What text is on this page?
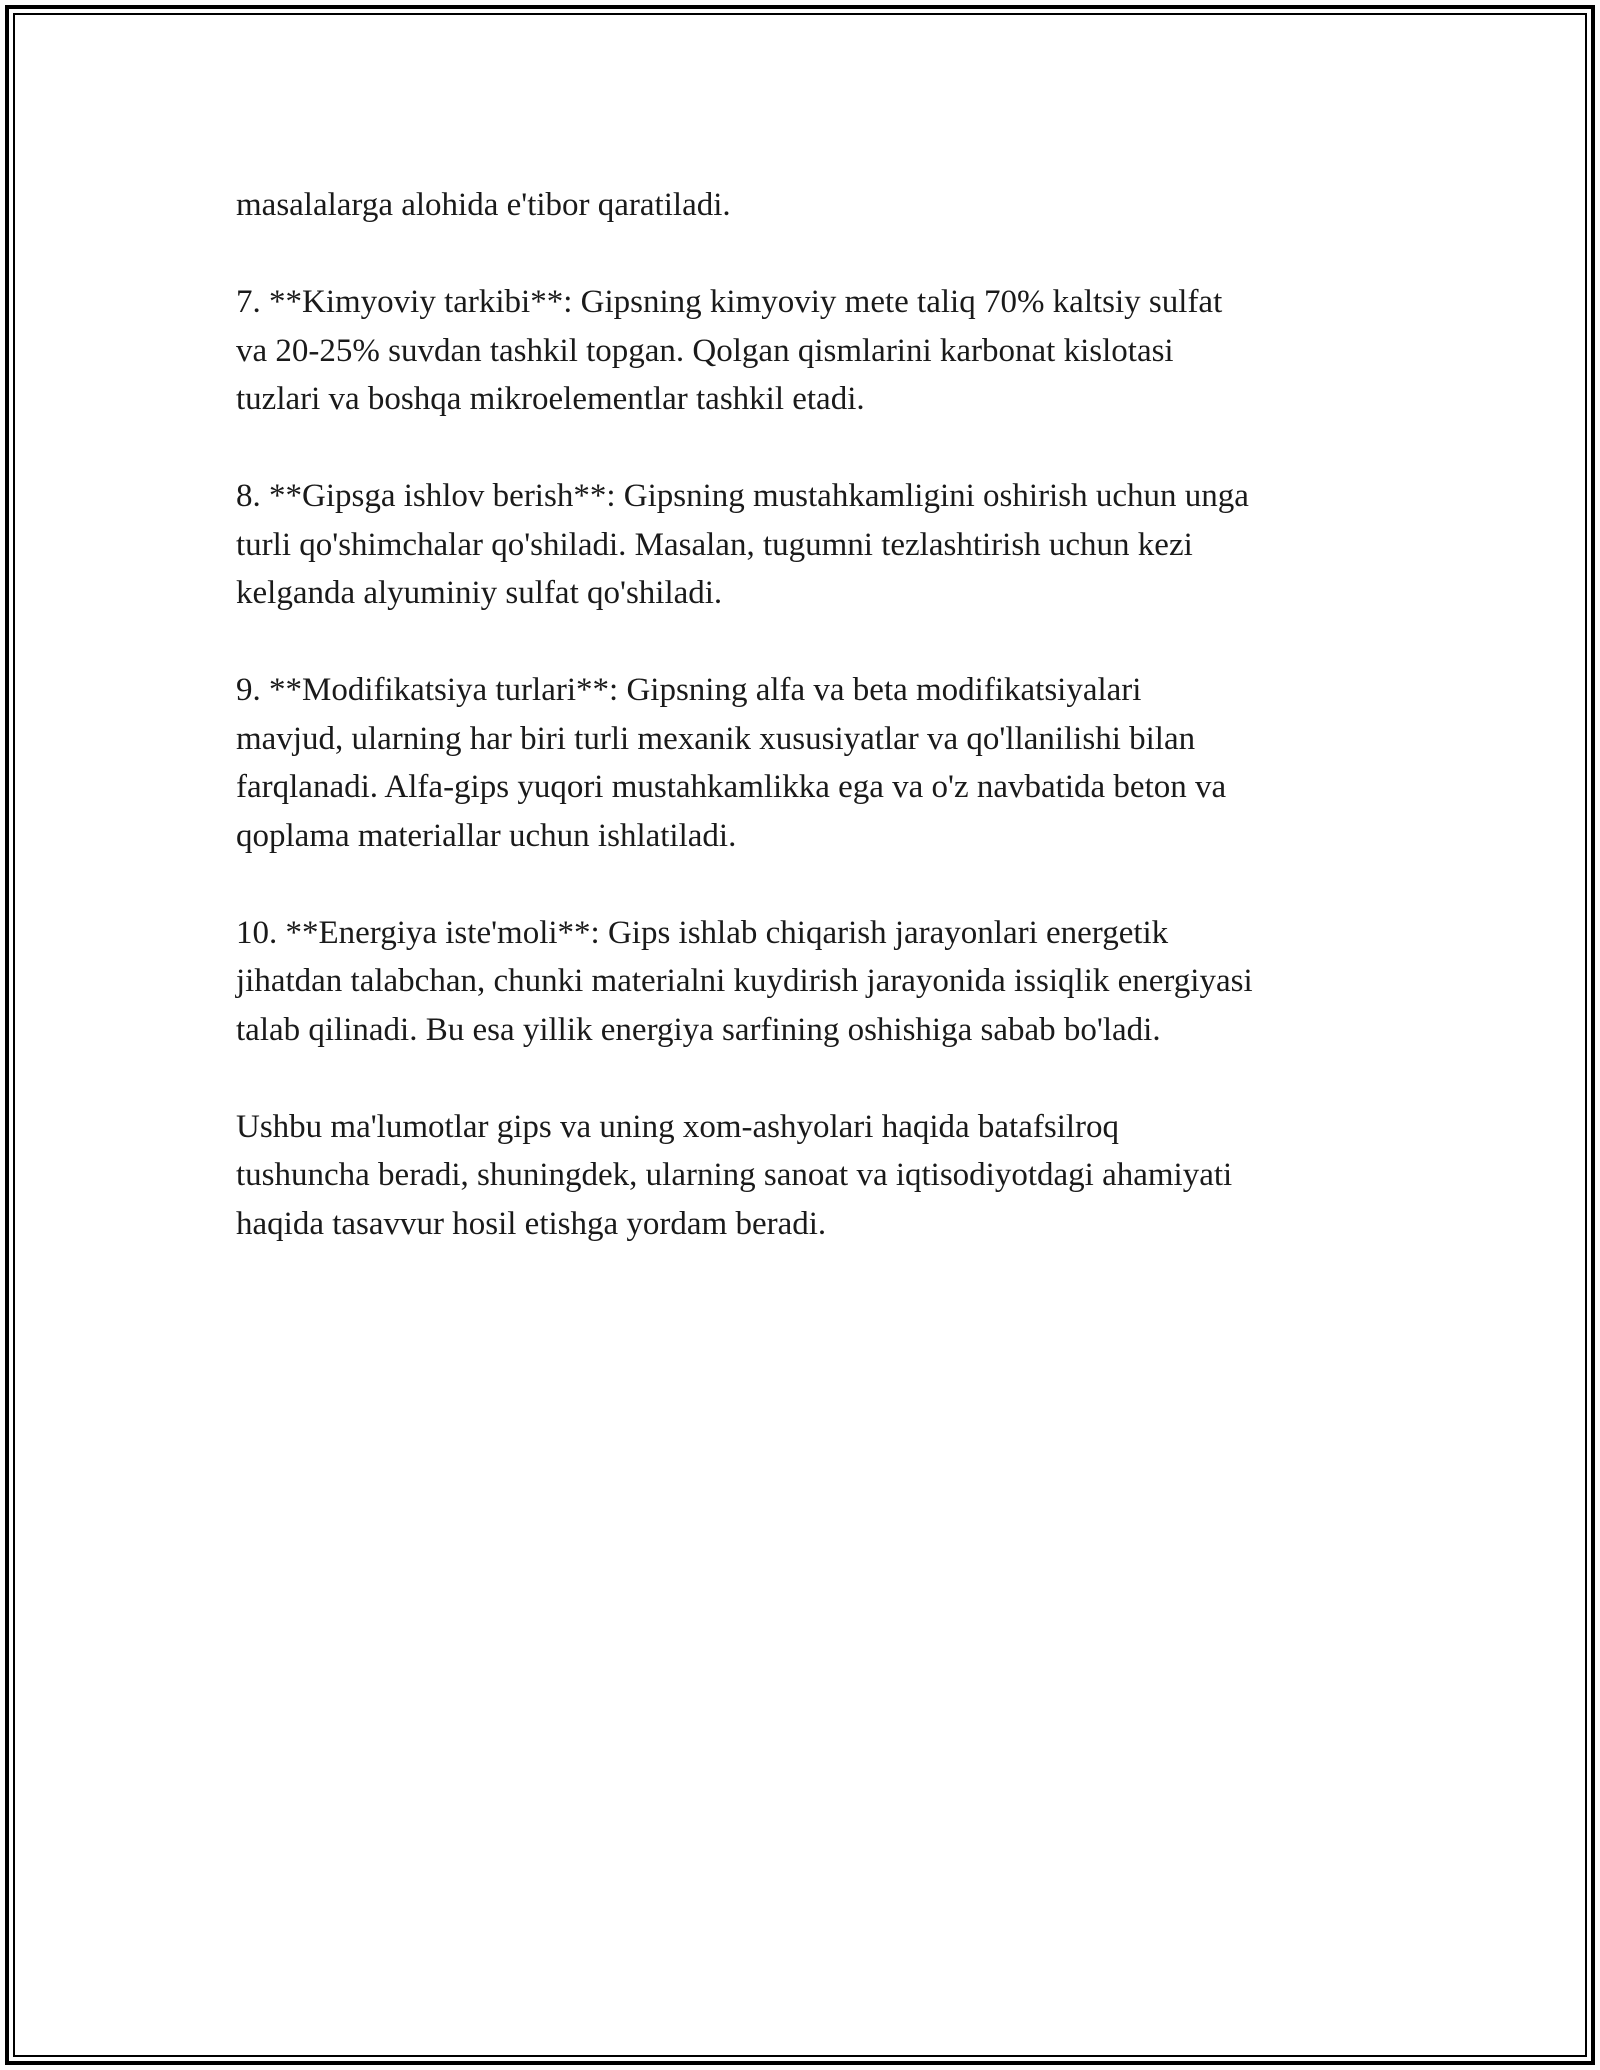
masalalarga alohida e'tibor qaratiladi.

7. **Kimyoviy tarkibi**: Gipsning kimyoviy mete taliq 70% kaltsiy sulfat
va 20-25% suvdan tashkil topgan. Qolgan qismlarini karbonat kislotasi
tuzlari va boshqa mikroelementlar tashkil etadi.

8. **Gipsga ishlov berish**: Gipsning mustahkamligini oshirish uchun unga
turli qo'shimchalar qo'shiladi. Masalan, tugumni tezlashtirish uchun kezi
kelganda alyuminiy sulfat qo'shiladi.

9. **Modifikatsiya turlari**: Gipsning alfa va beta modifikatsiyalari
mavjud, ularning har biri turli mexanik xususiyatlar va qo'llanilishi bilan
farqlanadi. Alfa-gips yuqori mustahkamlikka ega va o'z navbatida beton va
qoplama materiallar uchun ishlatiladi.

10. **Energiya iste'moli**: Gips ishlab chiqarish jarayonlari energetik
jihatdan talabchan, chunki materialni kuydirish jarayonida issiqlik energiyasi
talab qilinadi. Bu esa yillik energiya sarfining oshishiga sabab bo'ladi.

Ushbu ma'lumotlar gips va uning xom-ashyolari haqida batafsilroq
tushuncha beradi, shuningdek, ularning sanoat va iqtisodiyotdagi ahamiyati
haqida tasavvur hosil etishga yordam beradi.
